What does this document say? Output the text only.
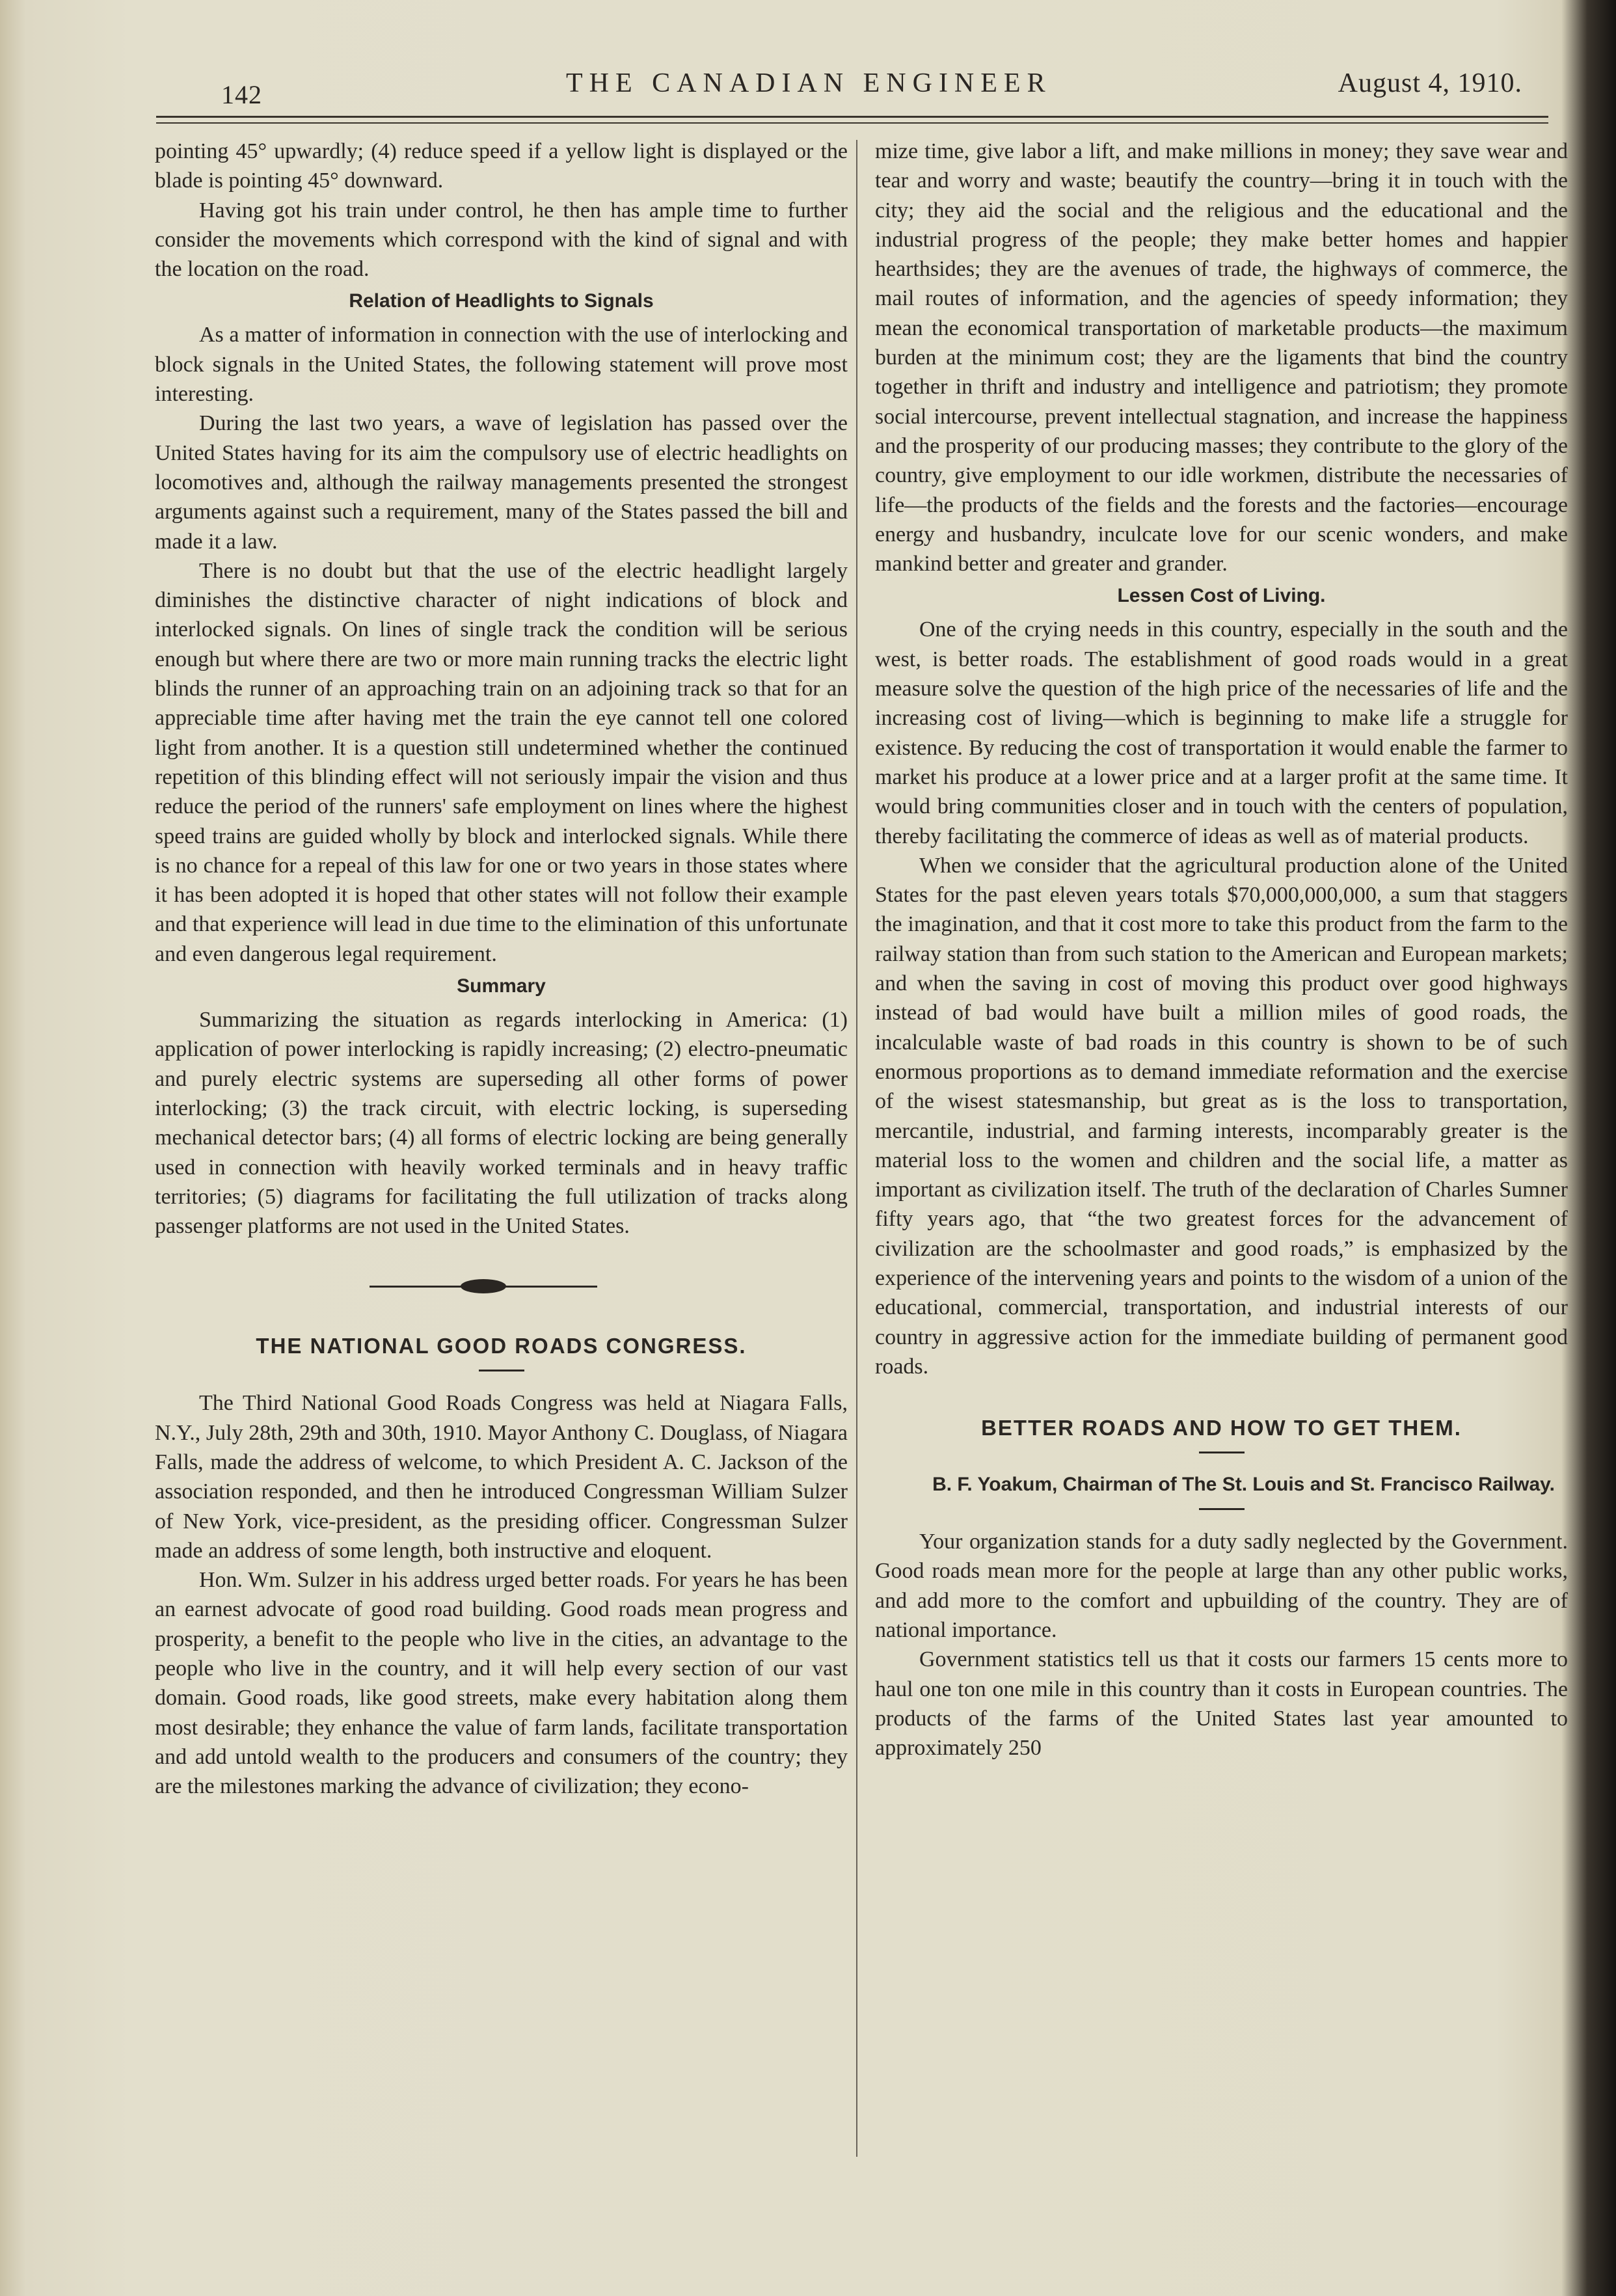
142	THE CANADIAN ENGINEER	August 4, 1910.

pointing 45° upwardly; (4) reduce speed if a yellow light is displayed or the blade is pointing 45° downward.

Having got his train under control, he then has ample time to further consider the movements which correspond with the kind of signal and with the location on the road.

Relation of Headlights to Signals

As a matter of information in connection with the use of interlocking and block signals in the United States, the following statement will prove most interesting.

During the last two years, a wave of legislation has passed over the United States having for its aim the compulsory use of electric headlights on locomotives and, although the railway managements presented the strongest arguments against such a requirement, many of the States passed the bill and made it a law.

There is no doubt but that the use of the electric headlight largely diminishes the distinctive character of night indications of block and interlocked signals. On lines of single track the condition will be serious enough but where there are two or more main running tracks the electric light blinds the runner of an approaching train on an adjoining track so that for an appreciable time after having met the train the eye cannot tell one colored light from another. It is a question still undetermined whether the continued repetition of this blinding effect will not seriously impair the vision and thus reduce the period of the runners' safe employment on lines where the highest speed trains are guided wholly by block and interlocked signals. While there is no chance for a repeal of this law for one or two years in those states where it has been adopted it is hoped that other states will not follow their example and that experience will lead in due time to the elimination of this unfortunate and even dangerous legal requirement.

Summary

Summarizing the situation as regards interlocking in America: (1) application of power interlocking is rapidly increasing; (2) electro-pneumatic and purely electric systems are superseding all other forms of power interlocking; (3) the track circuit, with electric locking, is superseding mechanical detector bars; (4) all forms of electric locking are being generally used in connection with heavily worked terminals and in heavy traffic territories; (5) diagrams for facilitating the full utilization of tracks along passenger platforms are not used in the United States.

THE NATIONAL GOOD ROADS CONGRESS.

The Third National Good Roads Congress was held at Niagara Falls, N.Y., July 28th, 29th and 30th, 1910. Mayor Anthony C. Douglass, of Niagara Falls, made the address of welcome, to which President A. C. Jackson of the association responded, and then he introduced Congressman William Sulzer of New York, vice-president, as the presiding officer. Congressman Sulzer made an address of some length, both instructive and eloquent.

Hon. Wm. Sulzer in his address urged better roads. For years he has been an earnest advocate of good road building. Good roads mean progress and prosperity, a benefit to the people who live in the cities, an advantage to the people who live in the country, and it will help every section of our vast domain. Good roads, like good streets, make every habitation along them most desirable; they enhance the value of farm lands, facilitate transportation and add untold wealth to the producers and consumers of the country; they are the milestones marking the advance of civilization; they econo-

mize time, give labor a lift, and make millions in money; they save wear and tear and worry and waste; beautify the country—bring it in touch with the city; they aid the social and the religious and the educational and the industrial progress of the people; they make better homes and happier hearthsides; they are the avenues of trade, the highways of commerce, the mail routes of information, and the agencies of speedy information; they mean the economical transportation of marketable products—the maximum burden at the minimum cost; they are the ligaments that bind the country together in thrift and industry and intelligence and patriotism; they promote social intercourse, prevent intellectual stagnation, and increase the happiness and the prosperity of our producing masses; they contribute to the glory of the country, give employment to our idle workmen, distribute the necessaries of life—the products of the fields and the forests and the factories—encourage energy and husbandry, inculcate love for our scenic wonders, and make mankind better and greater and grander.

Lessen Cost of Living.

One of the crying needs in this country, especially in the south and the west, is better roads. The establishment of good roads would in a great measure solve the question of the high price of the necessaries of life and the increasing cost of living—which is beginning to make life a struggle for existence. By reducing the cost of transportation it would enable the farmer to market his produce at a lower price and at a larger profit at the same time. It would bring communities closer and in touch with the centers of population, thereby facilitating the commerce of ideas as well as of material products.

When we consider that the agricultural production alone of the United States for the past eleven years totals $70,000,000,000, a sum that staggers the imagination, and that it cost more to take this product from the farm to the railway station than from such station to the American and European markets; and when the saving in cost of moving this product over good highways instead of bad would have built a million miles of good roads, the incalculable waste of bad roads in this country is shown to be of such enormous proportions as to demand immediate reformation and the exercise of the wisest statesmanship, but great as is the loss to transportation, mercantile, industrial, and farming interests, incomparably greater is the material loss to the women and children and the social life, a matter as important as civilization itself. The truth of the declaration of Charles Sumner fifty years ago, that “the two greatest forces for the advancement of civilization are the schoolmaster and good roads,” is emphasized by the experience of the intervening years and points to the wisdom of a union of the educational, commercial, transportation, and industrial interests of our country in aggressive action for the immediate building of permanent good roads.

BETTER ROADS AND HOW TO GET THEM.

B. F. Yoakum, Chairman of The St. Louis and St. Francisco Railway.

Your organization stands for a duty sadly neglected by the Government. Good roads mean more for the people at large than any other public works, and add more to the comfort and upbuilding of the country. They are of national importance.

Government statistics tell us that it costs our farmers 15 cents more to haul one ton one mile in this country than it costs in European countries. The products of the farms of the United States last year amounted to approximately 250
